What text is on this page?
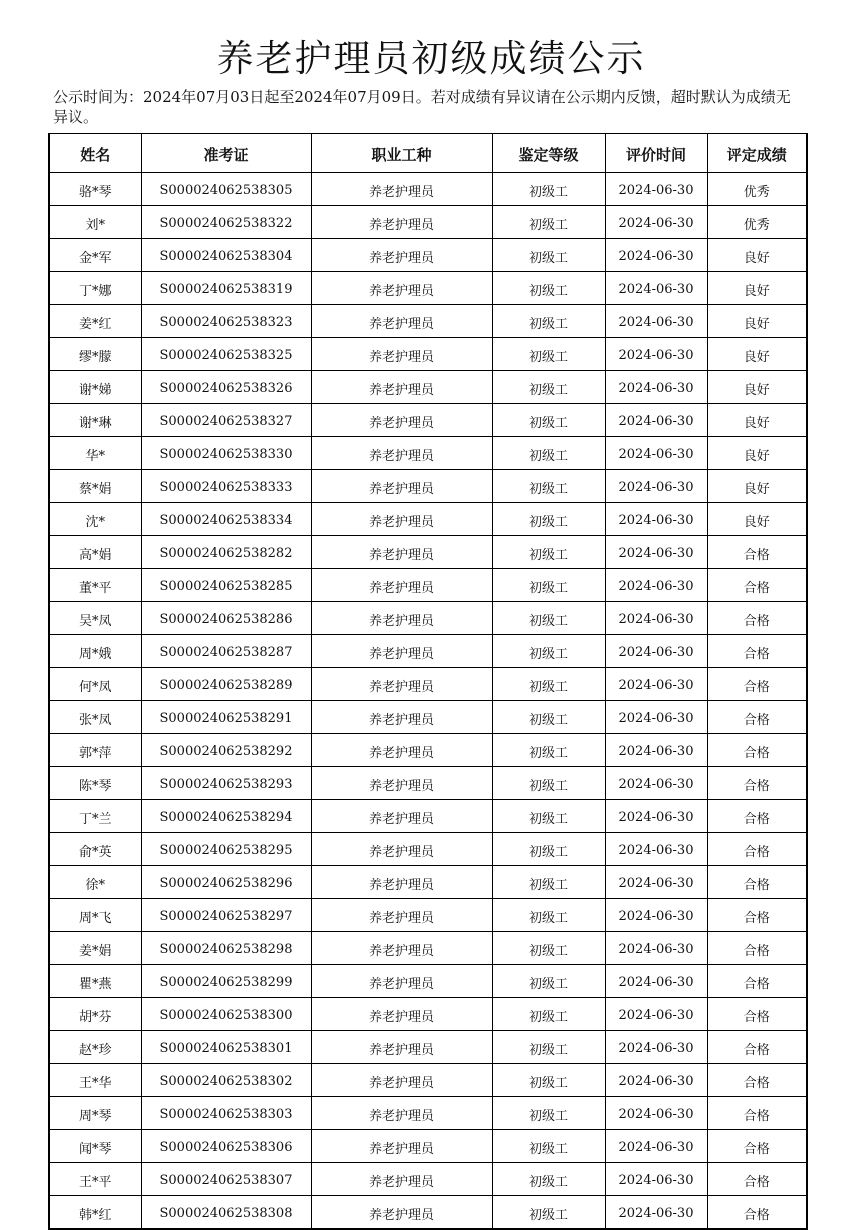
养老护理员初级成绩公示
公示时间为：2024年07月03日起至2024年07月09日。若对成绩有异议请在公示期内反馈，超时默认为成绩无异议。
姓名	准考证	职业工种	鉴定等级	评价时间	评定成绩
骆*琴	S000024062538305	养老护理员	初级工	2024-06-30	优秀
刘*	S000024062538322	养老护理员	初级工	2024-06-30	优秀
金*军	S000024062538304	养老护理员	初级工	2024-06-30	良好
丁*娜	S000024062538319	养老护理员	初级工	2024-06-30	良好
姜*红	S000024062538323	养老护理员	初级工	2024-06-30	良好
缪*朦	S000024062538325	养老护理员	初级工	2024-06-30	良好
谢*娣	S000024062538326	养老护理员	初级工	2024-06-30	良好
谢*琳	S000024062538327	养老护理员	初级工	2024-06-30	良好
华*	S000024062538330	养老护理员	初级工	2024-06-30	良好
蔡*娟	S000024062538333	养老护理员	初级工	2024-06-30	良好
沈*	S000024062538334	养老护理员	初级工	2024-06-30	良好
高*娟	S000024062538282	养老护理员	初级工	2024-06-30	合格
董*平	S000024062538285	养老护理员	初级工	2024-06-30	合格
吴*凤	S000024062538286	养老护理员	初级工	2024-06-30	合格
周*娥	S000024062538287	养老护理员	初级工	2024-06-30	合格
何*凤	S000024062538289	养老护理员	初级工	2024-06-30	合格
张*凤	S000024062538291	养老护理员	初级工	2024-06-30	合格
郭*萍	S000024062538292	养老护理员	初级工	2024-06-30	合格
陈*琴	S000024062538293	养老护理员	初级工	2024-06-30	合格
丁*兰	S000024062538294	养老护理员	初级工	2024-06-30	合格
俞*英	S000024062538295	养老护理员	初级工	2024-06-30	合格
徐*	S000024062538296	养老护理员	初级工	2024-06-30	合格
周*飞	S000024062538297	养老护理员	初级工	2024-06-30	合格
姜*娟	S000024062538298	养老护理员	初级工	2024-06-30	合格
瞿*燕	S000024062538299	养老护理员	初级工	2024-06-30	合格
胡*芬	S000024062538300	养老护理员	初级工	2024-06-30	合格
赵*珍	S000024062538301	养老护理员	初级工	2024-06-30	合格
王*华	S000024062538302	养老护理员	初级工	2024-06-30	合格
周*琴	S000024062538303	养老护理员	初级工	2024-06-30	合格
闻*琴	S000024062538306	养老护理员	初级工	2024-06-30	合格
王*平	S000024062538307	养老护理员	初级工	2024-06-30	合格
韩*红	S000024062538308	养老护理员	初级工	2024-06-30	合格
